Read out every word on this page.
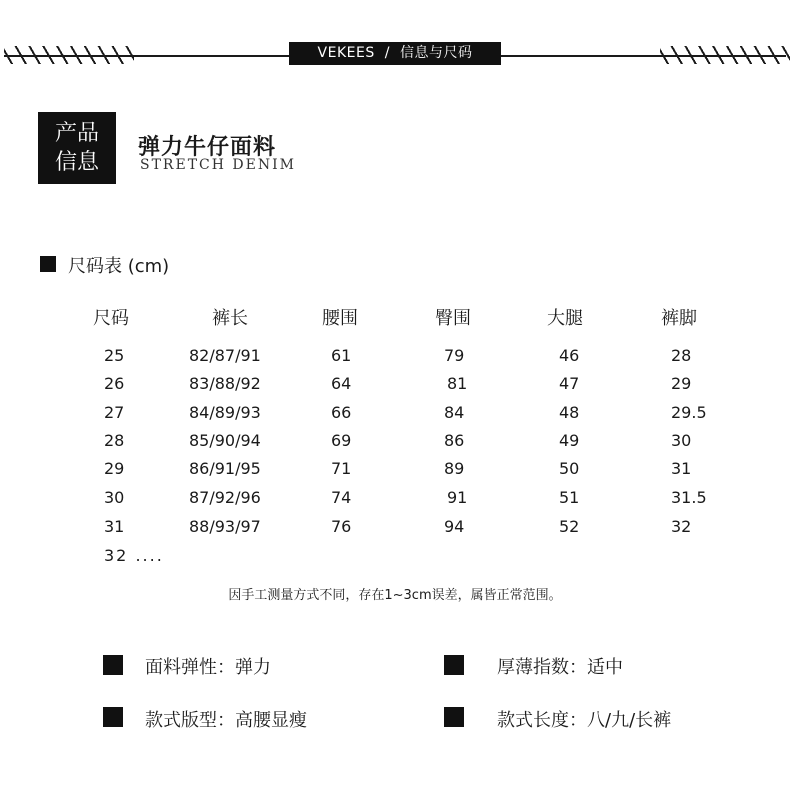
VEKEES / 信息与尺码
产品
信息
弹力牛仔面料
STRETCH DENIM
尺码表 (cm)
尺码	裤长	腰围	臀围	大腿	裤脚
25	82/87/91	61	79	46	28
26	83/88/92	64	81	47	29
27	84/89/93	66	84	48	29.5
28	85/90/94	69	86	49	30
29	86/91/95	71	89	50	31
30	87/92/96	74	91	51	31.5
31	88/93/97	76	94	52	32
32 ....
因手工测量方式不同，存在1~3cm误差，属皆正常范围。
面料弹性：弹力	厚薄指数：适中
款式版型：高腰显瘦	款式长度：八/九/长裤
